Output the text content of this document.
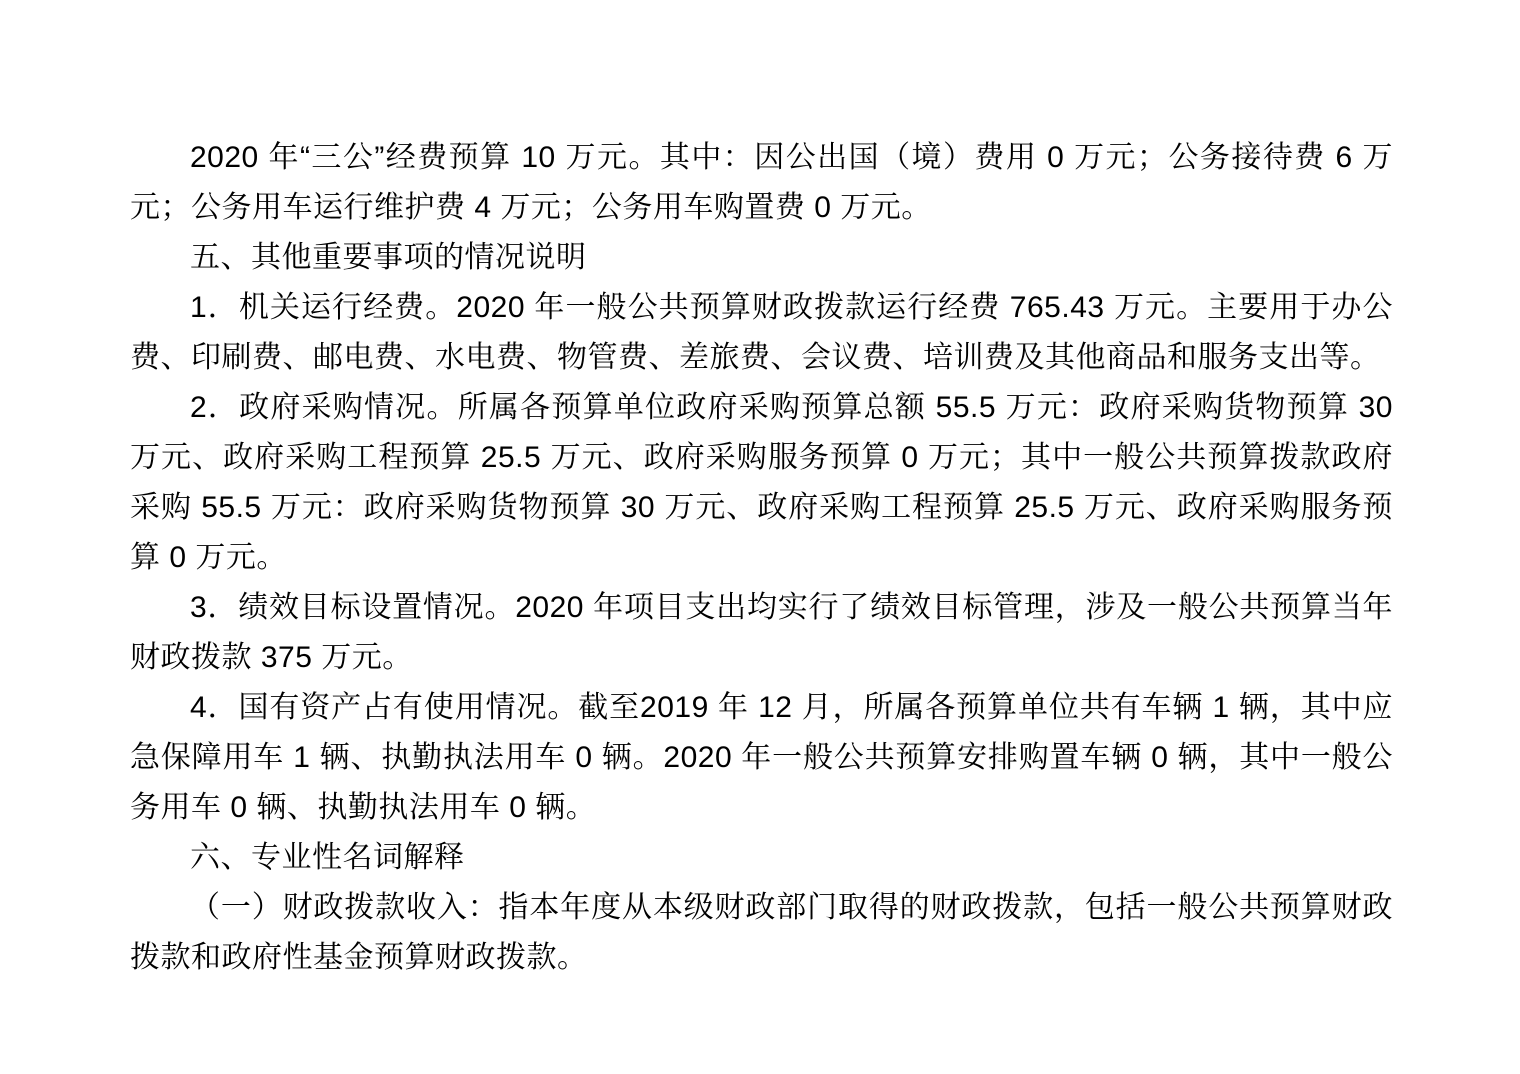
2020 年“三公”经费预算 10 万元。其中：因公出国（境）费用 0 万元；公务接待费 6 万元；公务用车运行维护费 4 万元；公务用车购置费 0 万元。

五、其他重要事项的情况说明

1．机关运行经费。2020 年一般公共预算财政拨款运行经费 765.43 万元。主要用于办公费、印刷费、邮电费、水电费、物管费、差旅费、会议费、培训费及其他商品和服务支出等。

2．政府采购情况。所属各预算单位政府采购预算总额 55.5 万元：政府采购货物预算 30 万元、政府采购工程预算 25.5 万元、政府采购服务预算 0 万元；其中一般公共预算拨款政府采购 55.5 万元：政府采购货物预算 30 万元、政府采购工程预算 25.5 万元、政府采购服务预算 0 万元。

3．绩效目标设置情况。2020 年项目支出均实行了绩效目标管理，涉及一般公共预算当年财政拨款 375 万元。

4．国有资产占有使用情况。截至2019 年 12 月，所属各预算单位共有车辆 1 辆，其中应急保障用车 1 辆、执勤执法用车 0 辆。2020 年一般公共预算安排购置车辆 0 辆，其中一般公务用车 0 辆、执勤执法用车 0 辆。

六、专业性名词解释

（一）财政拨款收入：指本年度从本级财政部门取得的财政拨款，包括一般公共预算财政拨款和政府性基金预算财政拨款。
